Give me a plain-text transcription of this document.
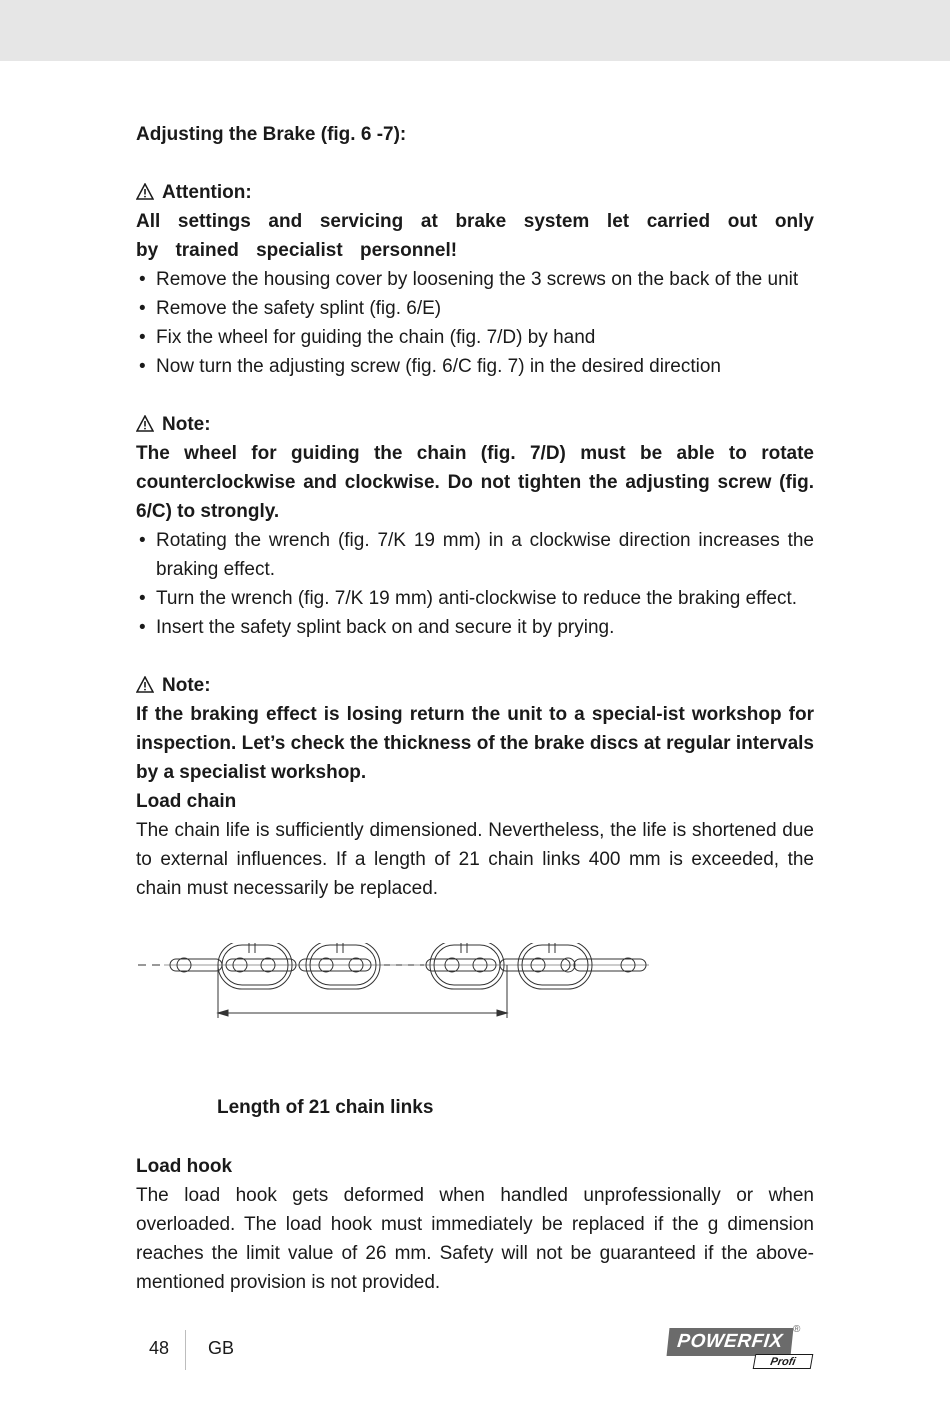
Adjusting the Brake (fig. 6 -7):

Attention:

All settings and servicing at brake system let carried out only by trained specialist personnel!

• Remove the housing cover by loosening the 3 screws on the back of the unit
• Remove the safety splint (fig. 6/E)
• Fix the wheel for guiding the chain (fig. 7/D) by hand
• Now turn the adjusting screw (fig. 6/C fig. 7) in the desired direction

Note:

The wheel for guiding the chain (fig. 7/D) must be able to rotate counterclockwise and clockwise. Do not tighten the adjusting screw (fig. 6/C) to strongly.

• Rotating the wrench (fig. 7/K 19 mm) in a clockwise direction increases the braking effect.
• Turn the wrench (fig. 7/K 19 mm) anti-clockwise to reduce the braking effect.
• Insert the safety splint back on and secure it by prying.

Note:

If the braking effect is losing return the unit to a special-ist workshop for inspection. Let’s check the thickness of the brake discs at regular intervals by a specialist workshop.

Load chain

The chain life is sufficiently dimensioned. Nevertheless, the life is shortened due to external influences. If a length of 21 chain links 400 mm is exceeded, the chain must necessarily be replaced.

Length of 21 chain links

Load hook

The load hook gets deformed when handled unprofessionally or when overloaded. The load hook must immediately be replaced if the g dimension reaches the limit value of 26 mm. Safety will not be guaranteed if the above-mentioned provision is not provided.

48 GB	POWERFIX
®
Profi
